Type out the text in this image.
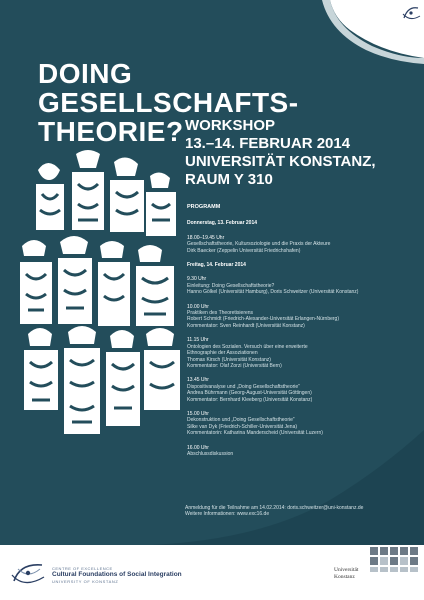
DOING

GESELLSCHAFTS-

THEORIE? WORKSHOP

13.–14. FEBRUAR 2014

UNIVERSITÄT KONSTANZ,

RAUM Y 310

PROGRAMM

Donnerstag, 13. Februar 2014

18.00–19.45 Uhr
Gesellschaftstheorie, Kultursoziologie und die Praxis der Akteure
Dirk Baecker (Zeppelin Universität Friedrichshafen)

Freitag, 14. Februar 2014

9.30 Uhr
Einleitung: Doing Gesellschaftstheorie?
Hanno Gölkel (Universität Hamburg), Doris Schweitzer (Universität Konstanz)
10.00 Uhr
Praktiken des Theoretisierens
Robert Schmidt (Friedrich-Alexander-Universität Erlangen-Nürnberg)
Kommentator: Sven Reinhardt (Universität Konstanz)
11.15 Uhr
Ontologien des Sozialen. Versuch über eine erweiterte
Ethnographie der Assoziationen
Thomas Kirsch (Universität Konstanz)
Kommentator: Olaf Zorzi (Universität Bern)
13.45 Uhr
Dispositivanalyse und „Doing Gesellschaftstheorie“
Andrea Bührmann (Georg-August-Universität Göttingen)
Kommentator: Bernhard Kleeberg (Universität Konstanz)
15.00 Uhr
Dekonstruktion und „Doing Gesellschaftstheorie“
Silke van Dyk (Friedrich-Schiller-Universität Jena)
Kommentatorin: Katharina Manderscheid (Universität Luzern)
16.00 Uhr
Abschlussdiskussion
Anmeldung für die Teilnahme am 14.02.2014: doris.schweitzer@uni-konstanz.de
Weitere Informationen: www.exc16.de
CENTRE OF EXCELLENCE
Cultural Foundations of Social Integration
UNIVERSITY OF KONSTANZ
Universität
Konstanz
